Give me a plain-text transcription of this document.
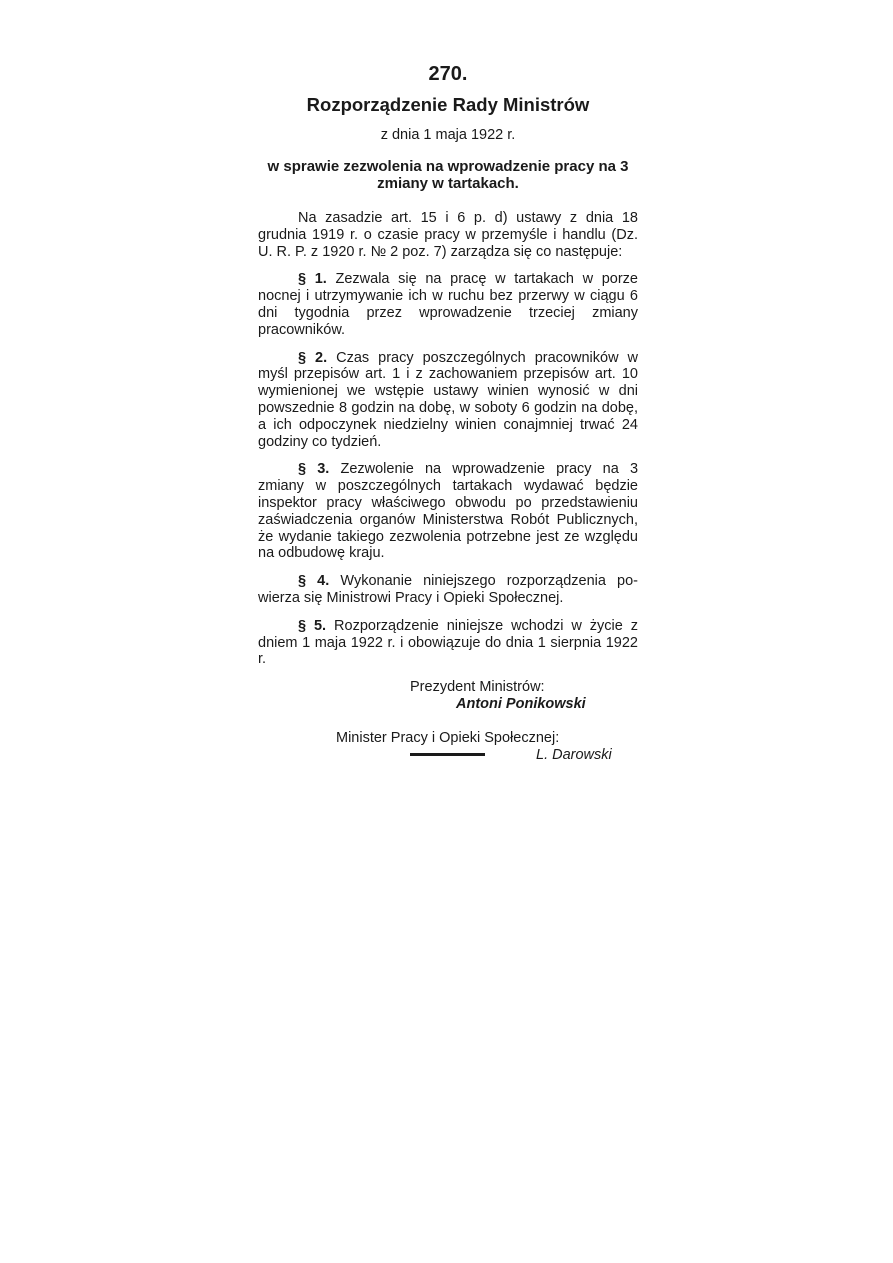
270.
Rozporządzenie Rady Ministrów
z dnia 1 maja 1922 r.
w sprawie zezwolenia na wprowadzenie pracy na 3 zmiany w tartakach.

Na zasadzie art. 15 i 6 p. d) ustawy z dnia 18 grudnia 1919 r. o czasie pracy w przemyśle i handlu (Dz. U. R. P. z 1920 r. № 2 poz. 7) zarządza się co następuje:

§ 1. Zezwala się na pracę w tartakach w porze nocnej i utrzymywanie ich w ruchu bez przerwy w ciągu 6 dni tygodnia przez wprowadzenie trzeciej zmiany pracowników.

§ 2. Czas pracy poszczególnych pracowników w myśl przepisów art. 1 i z zachowaniem przepisów art. 10 wymienionej we wstępie ustawy winien wynosić w dni powszednie 8 godzin na dobę, w soboty 6 godzin na dobę, a ich odpoczynek niedzielny winien conajmniej trwać 24 godziny co tydzień.

§ 3. Zezwolenie na wprowadzenie pracy na 3 zmiany w poszczególnych tartakach wydawać będzie inspektor pracy właściwego obwodu po przedstawieniu zaświadczenia organów Ministerstwa Robót Publicznych, że wydanie takiego zezwolenia potrzebne jest ze względu na odbudowę kraju.

§ 4. Wykonanie niniejszego rozporządzenia powierza się Ministrowi Pracy i Opieki Społecznej.

§ 5. Rozporządzenie niniejsze wchodzi w życie z dniem 1 maja 1922 r. i obowiązuje do dnia 1 sierpnia 1922 r.

Prezydent Ministrów:
Antoni Ponikowski
Minister Pracy i Opieki Społecznej:
L. Darowski
